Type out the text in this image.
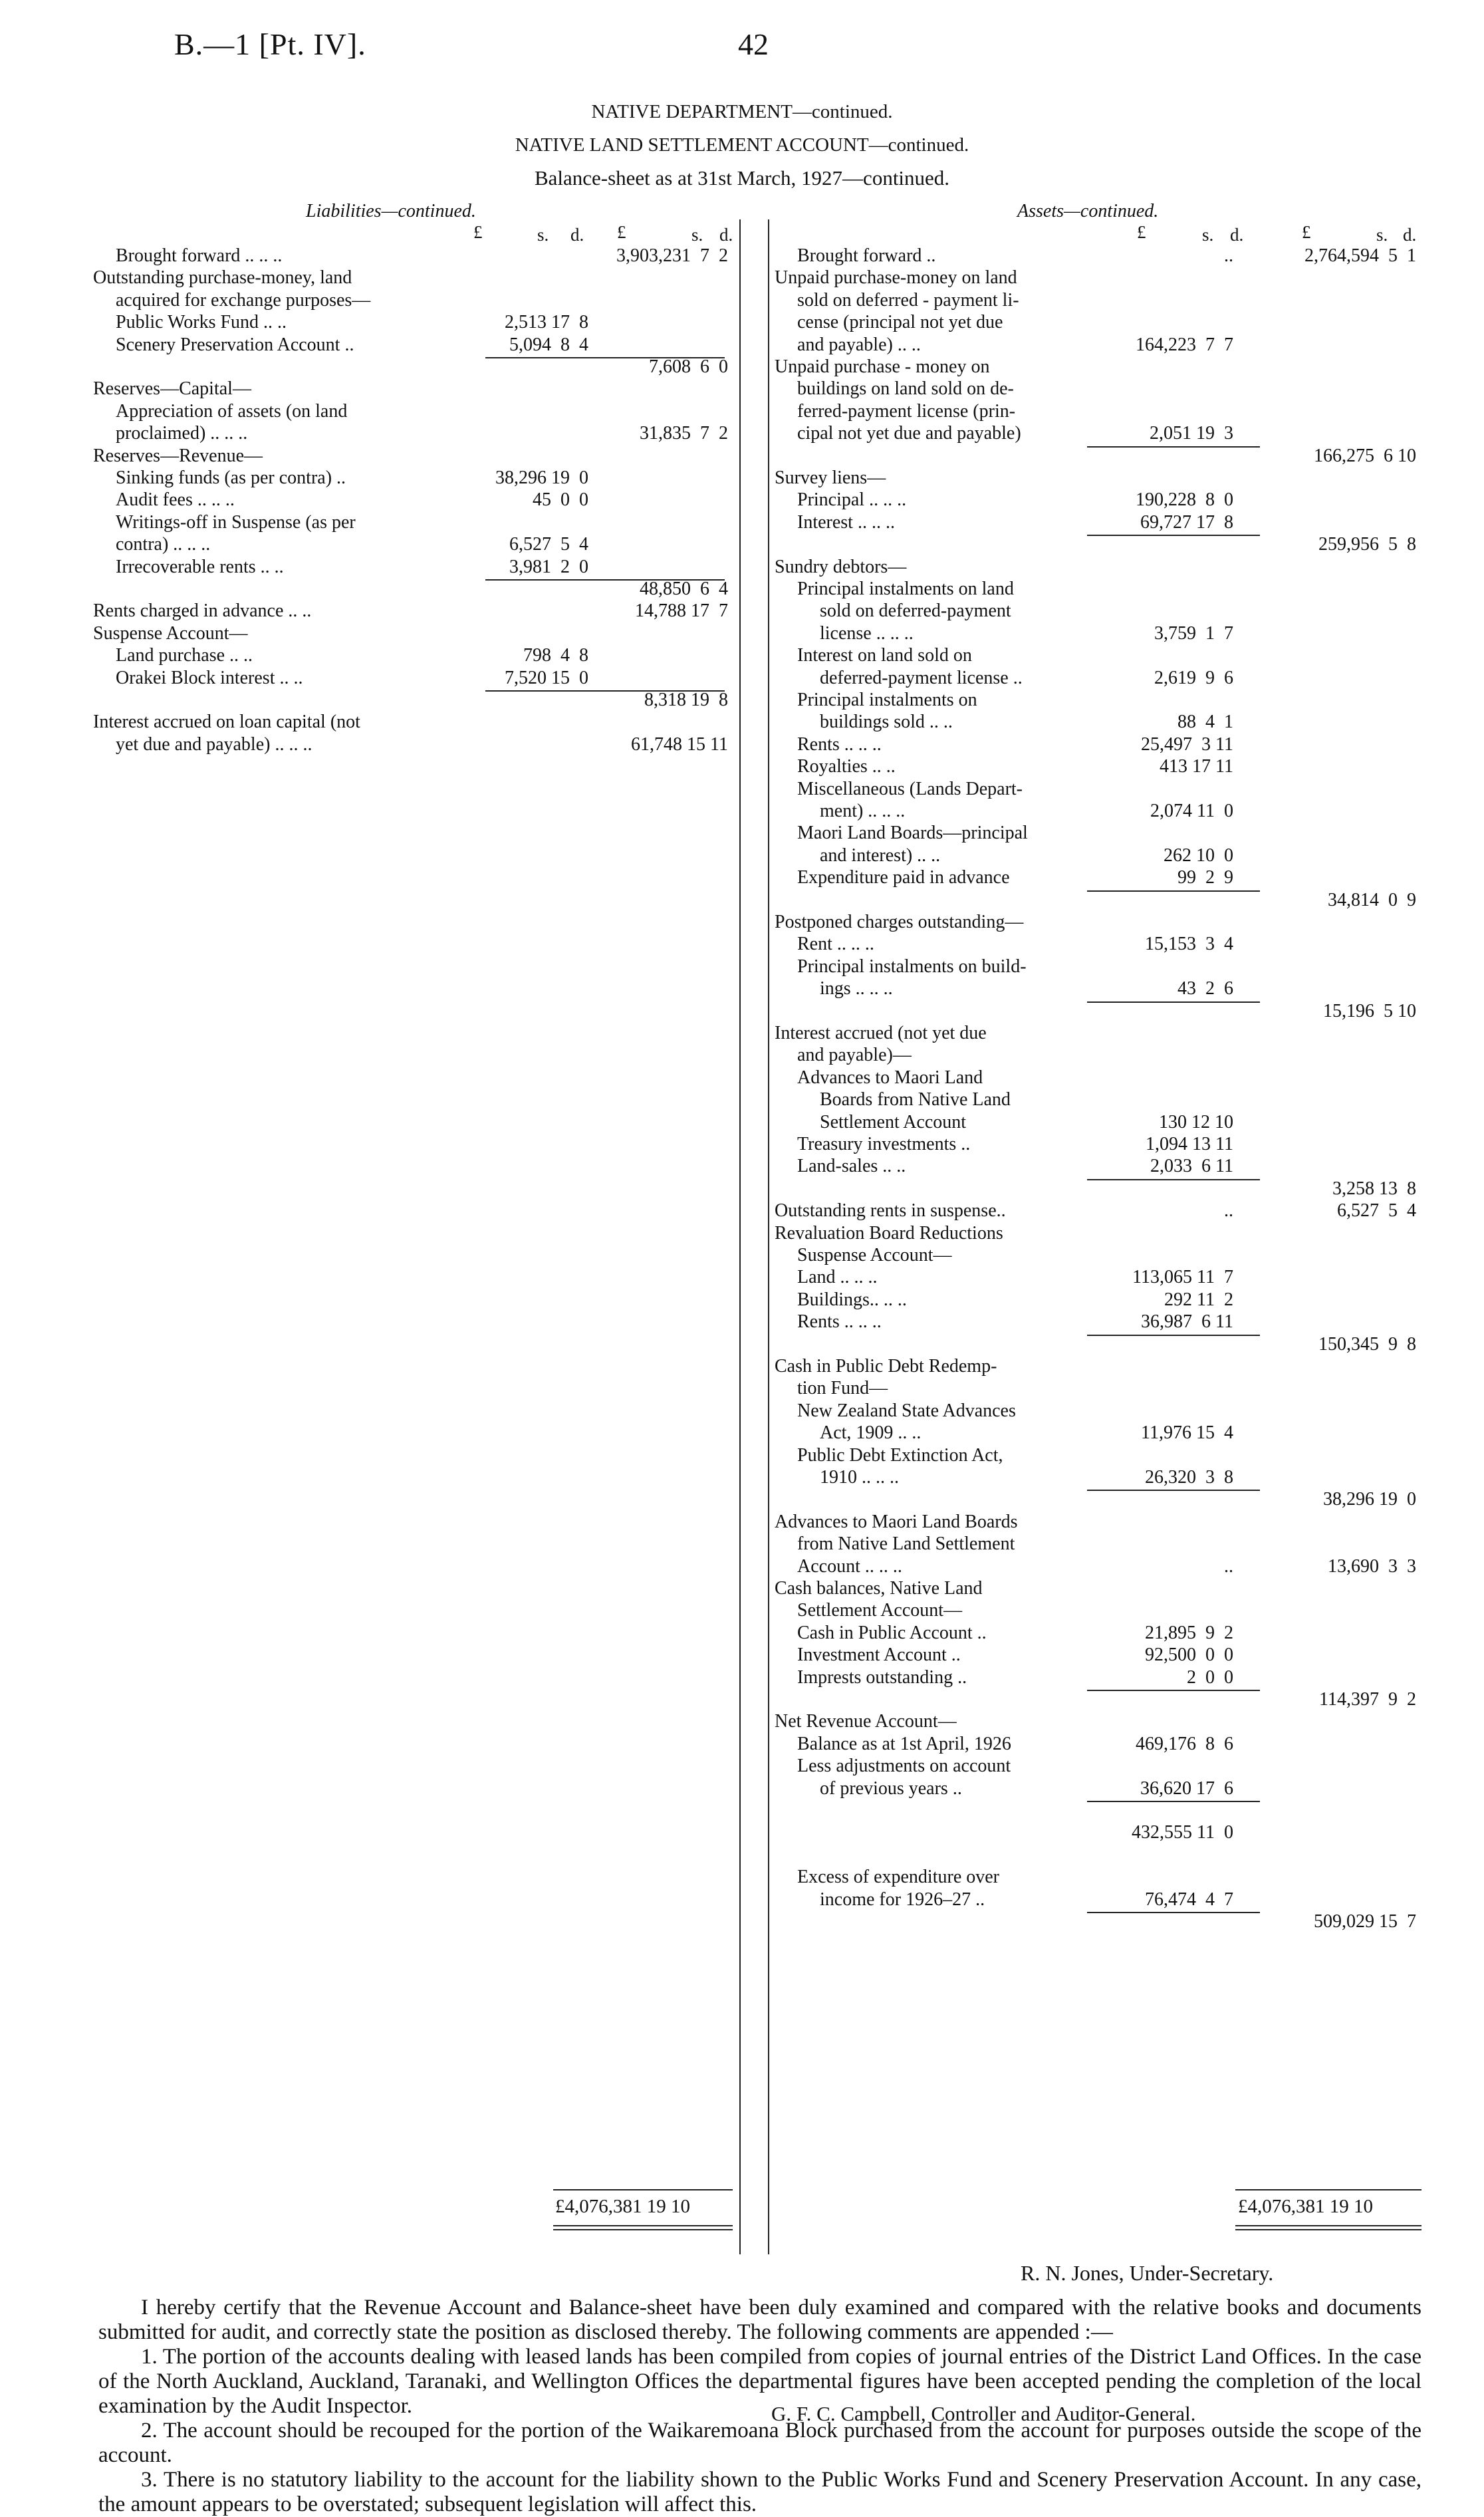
B.—1 [Pt. IV].	42
NATIVE DEPARTMENT—continued.
NATIVE LAND SETTLEMENT ACCOUNT—continued.
Balance-sheet as at 31st March, 1927—continued.
Liabilities—continued.	Assets—continued.
£	s. d. £	s. d.	£	s. d.	£	s. d.
Brought forward .. .. ..	3,903,231  7  2
Outstanding purchase-money, land
acquired for exchange purposes—
Public Works Fund .. ..	2,513 17  8
Scenery Preservation Account ..	5,094  8  4
7,608  6  0
Reserves—Capital—
Appreciation of assets (on land
proclaimed) .. .. ..	31,835  7  2
Reserves—Revenue—
Sinking funds (as per contra) ..	38,296 19  0
Audit fees .. .. ..	45  0  0
Writings-off in Suspense (as per
contra) .. .. ..	6,527  5  4
Irrecoverable rents .. ..	3,981  2  0
48,850  6  4
Rents charged in advance .. ..	14,788 17  7
Suspense Account—
Land purchase .. ..	798  4  8
Orakei Block interest .. ..	7,520 15  0
8,318 19  8
Interest accrued on loan capital (not
yet due and payable) .. .. ..	61,748 15 11
Brought forward ..	..	2,764,594  5  1
Unpaid purchase-money on land
sold on deferred - payment li-
cense (principal not yet due
and payable) .. ..	164,223  7  7
Unpaid purchase - money on
buildings on land sold on de-
ferred-payment license (prin-
cipal not yet due and payable)	2,051 19  3
166,275  6 10
Survey liens—
Principal .. .. ..	190,228  8  0
Interest .. .. ..	69,727 17  8
259,956  5  8
Sundry debtors—
Principal instalments on land
sold on deferred-payment
license .. .. ..	3,759  1  7
Interest on land sold on
deferred-payment license ..	2,619  9  6
Principal instalments on
buildings sold .. ..	88  4  1
Rents .. .. ..	25,497  3 11
Royalties .. ..	413 17 11
Miscellaneous (Lands Depart-
ment) .. .. ..	2,074 11  0
Maori Land Boards—principal
and interest) .. ..	262 10  0
Expenditure paid in advance	99  2  9
34,814  0  9
Postponed charges outstanding—
Rent .. .. ..	15,153  3  4
Principal instalments on build-
ings .. .. ..	43  2  6
15,196  5 10
Interest accrued (not yet due
and payable)—
Advances to Maori Land
Boards from Native Land
Settlement Account	130 12 10
Treasury investments ..	1,094 13 11
Land-sales .. ..	2,033  6 11
3,258 13  8
Outstanding rents in suspense..	..	6,527  5  4
Revaluation Board Reductions
Suspense Account—
Land .. .. ..	113,065 11  7
Buildings.. .. ..	292 11  2
Rents .. .. ..	36,987  6 11
150,345  9  8
Cash in Public Debt Redemp-
tion Fund—
New Zealand State Advances
Act, 1909 .. ..	11,976 15  4
Public Debt Extinction Act,
1910 .. .. ..	26,320  3  8
38,296 19  0
Advances to Maori Land Boards
from Native Land Settlement
Account .. .. ..	..	13,690  3  3
Cash balances, Native Land
Settlement Account—
Cash in Public Account ..	21,895  9  2
Investment Account ..	92,500  0  0
Imprests outstanding ..	2  0  0
114,397  9  2
Net Revenue Account—
Balance as at 1st April, 1926	469,176  8  6
Less adjustments on account
of previous years ..	36,620 17  6
432,555 11  0
Excess of expenditure over
income for 1926–27 ..	76,474  4  7
509,029 15  7
£4,076,381 19 10	£4,076,381 19 10
R. N. Jones, Under-Secretary.

I hereby certify that the Revenue Account and Balance-sheet have been duly examined and compared with the relative books and documents submitted for audit, and correctly state the position as disclosed thereby. The following comments are appended :—

1. The portion of the accounts dealing with leased lands has been compiled from copies of journal entries of the District Land Offices. In the case of the North Auckland, Auckland, Taranaki, and Wellington Offices the departmental figures have been accepted pending the completion of the local examination by the Audit Inspector.

2. The account should be recouped for the portion of the Waikaremoana Block purchased from the account for purposes outside the scope of the account.

3. There is no statutory liability to the account for the liability shown to the Public Works Fund and Scenery Preservation Account. In any case, the amount appears to be overstated; subsequent legislation will affect this.

G. F. C. Campbell, Controller and Auditor-General.
